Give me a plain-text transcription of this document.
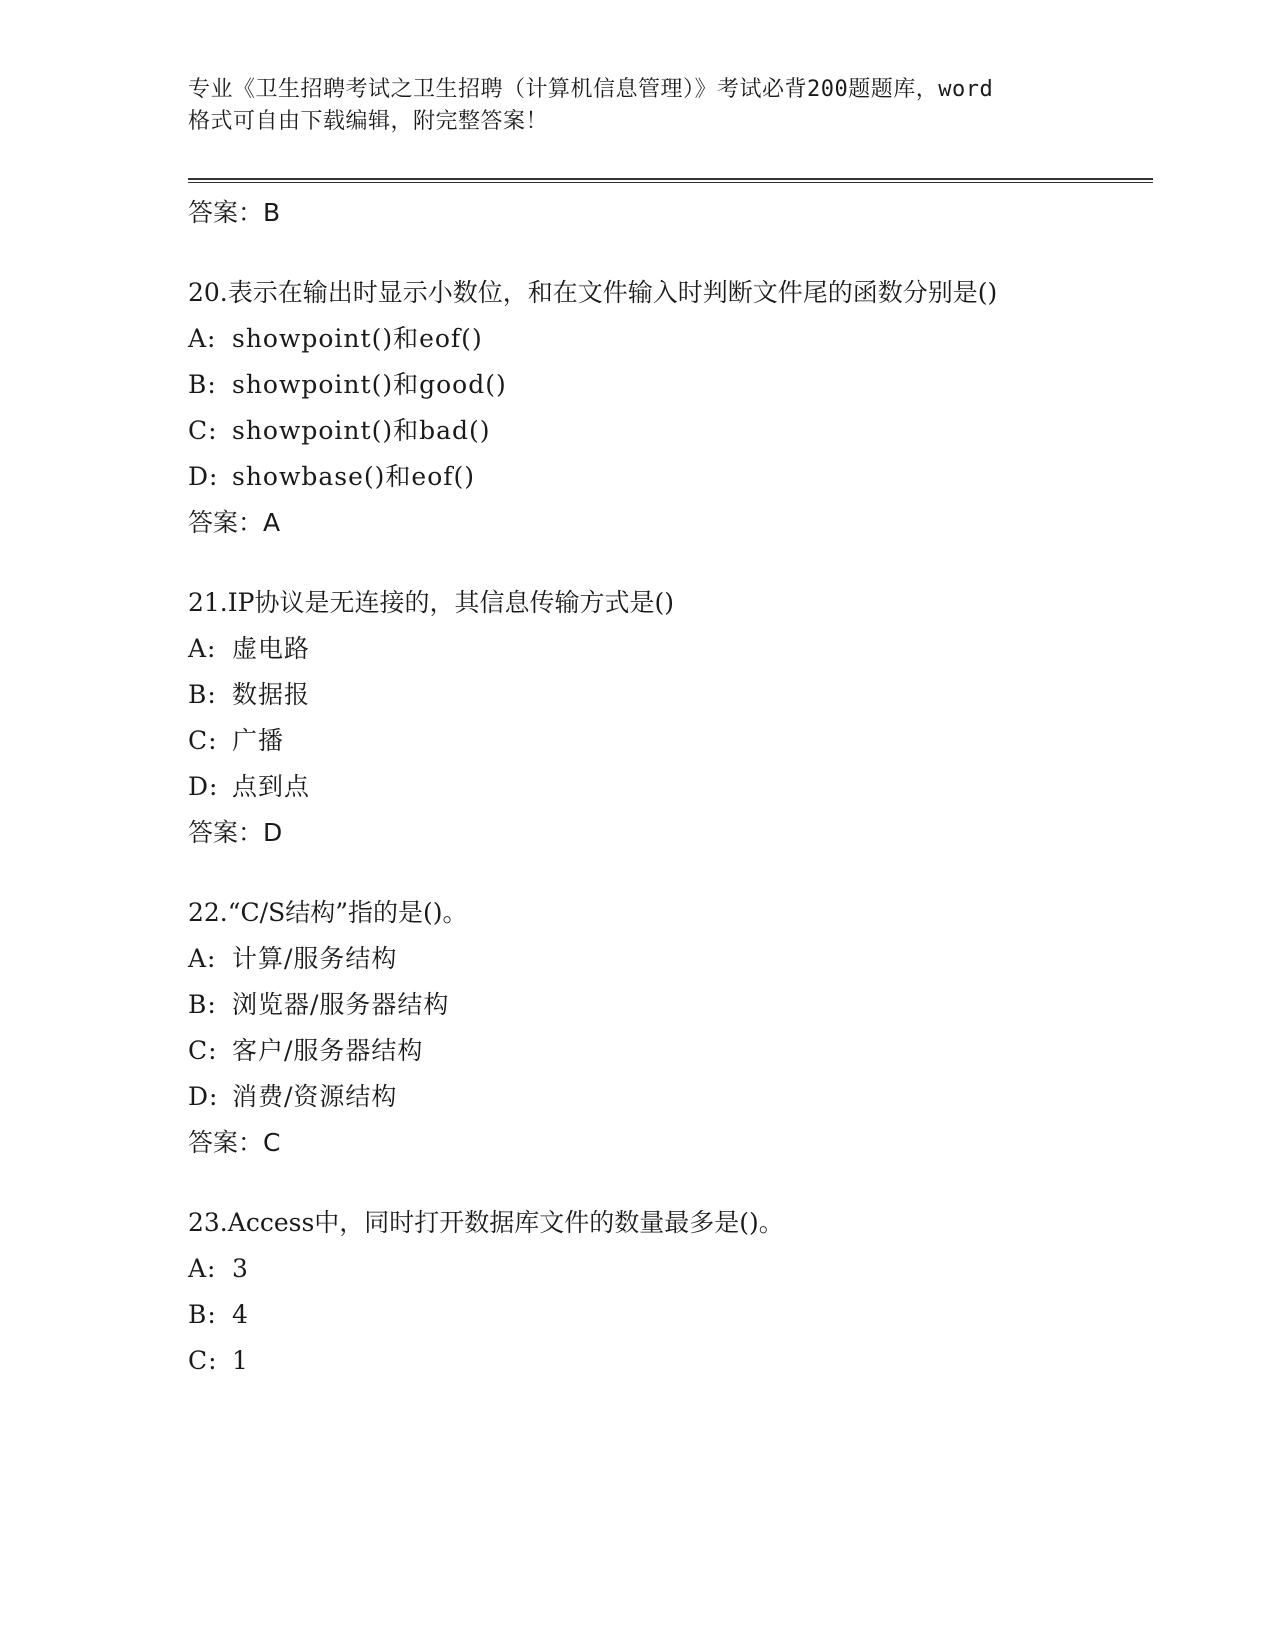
专业《卫生招聘考试之卫生招聘（计算机信息管理）》考试必背200题题库，word
格式可自由下载编辑，附完整答案！
答案：B
20.表示在输出时显示小数位，和在文件输入时判断文件尾的函数分别是()
A: showpoint()和eof()
B: showpoint()和good()
C: showpoint()和bad()
D: showbase()和eof()
答案：A
21.IP协议是无连接的，其信息传输方式是()
A: 虚电路
B: 数据报
C: 广播
D: 点到点
答案：D
22.“C/S结构”指的是()。
A: 计算/服务结构
B: 浏览器/服务器结构
C: 客户/服务器结构
D: 消费/资源结构
答案：C
23.Access中，同时打开数据库文件的数量最多是()。
A: 3
B: 4
C: 1
